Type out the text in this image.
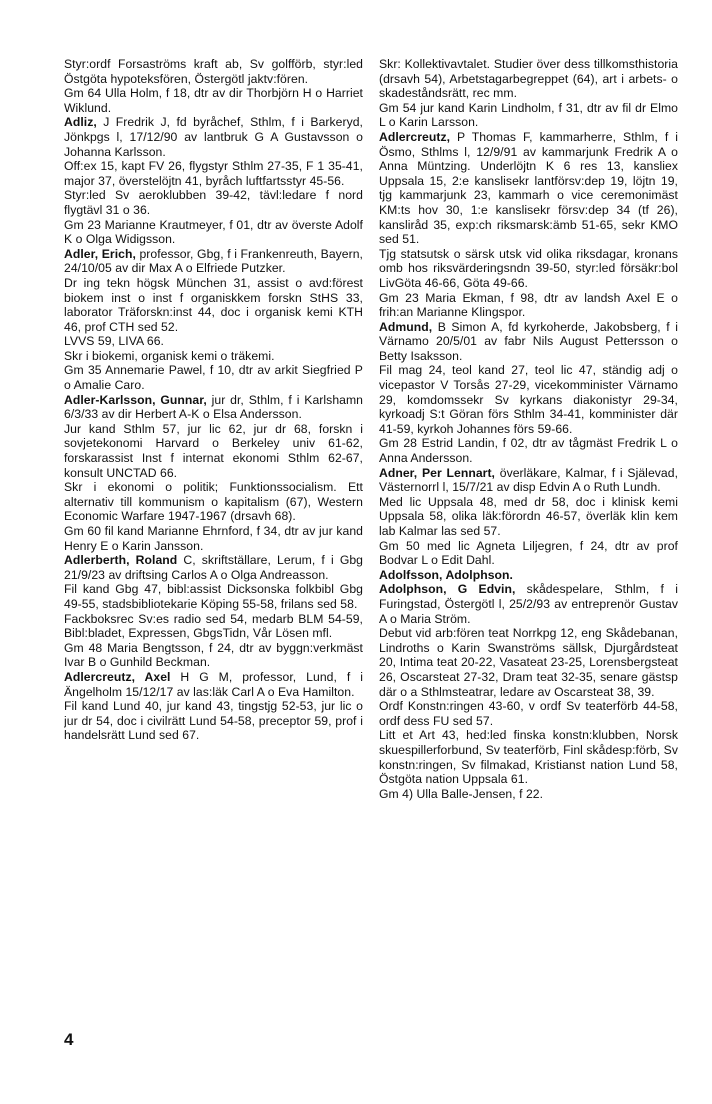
Styr:ordf Forsaströms kraft ab, Sv golfförb, styr:led Östgöta hypoteksfören, Östergötl jaktv:fören.

Gm 64 Ulla Holm, f 18, dtr av dir Thorbjörn H o Harriet Wiklund.

Adliz, J Fredrik J, fd byråchef, Sthlm, f i Barkeryd, Jönkpgs l, 17/12/90 av lantbruk G A Gustavsson o Johanna Karlsson.

Off:ex 15, kapt FV 26, flygstyr Sthlm 27-35, F 1 35-41, major 37, överstelöjtn 41, byråch luftfartsstyr 45-56.

Styr:led Sv aeroklubben 39-42, tävl:ledare f nord flygtävl 31 o 36.

Gm 23 Marianne Krautmeyer, f 01, dtr av överste Adolf K o Olga Widigsson.

Adler, Erich, professor, Gbg, f i Frankenreuth, Bayern, 24/10/05 av dir Max A o Elfriede Putzker.

Dr ing tekn högsk München 31, assist o avd:förest biokem inst o inst f organiskkem forskn StHS 33, laborator Träforskn:inst 44, doc i organisk kemi KTH 46, prof CTH sed 52.

LVVS 59, LIVA 66.

Skr i biokemi, organisk kemi o träkemi.

Gm 35 Annemarie Pawel, f 10, dtr av arkit Siegfried P o Amalie Caro.

Adler-Karlsson, Gunnar, jur dr, Sthlm, f i Karlshamn 6/3/33 av dir Herbert A-K o Elsa Andersson.

Jur kand Sthlm 57, jur lic 62, jur dr 68, forskn i sovjetekonomi Harvard o Berkeley univ 61-62, forskarassist Inst f internat ekonomi Sthlm 62-67, konsult UNCTAD 66.

Skr i ekonomi o politik; Funktionssocialism. Ett alternativ till kommunism o kapitalism (67), Western Economic Warfare 1947-1967 (drsavh 68).

Gm 60 fil kand Marianne Ehrnford, f 34, dtr av jur kand Henry E o Karin Jansson.

Adlerberth, Roland C, skriftställare, Lerum, f i Gbg 21/9/23 av driftsing Carlos A o Olga Andreasson.

Fil kand Gbg 47, bibl:assist Dicksonska folkbibl Gbg 49-55, stadsbibliotekarie Köping 55-58, frilans sed 58.

Fackboksrec Sv:es radio sed 54, medarb BLM 54-59, Bibl:bladet, Expressen, GbgsTidn, Vår Lösen mfl.

Gm 48 Maria Bengtsson, f 24, dtr av byggn:verkmäst Ivar B o Gunhild Beckman.

Adlercreutz, Axel H G M, professor, Lund, f i Ängelholm 15/12/17 av las:läk Carl A o Eva Hamilton.

Fil kand Lund 40, jur kand 43, tingstjg 52-53, jur lic o jur dr 54, doc i civilrätt Lund 54-58, preceptor 59, prof i handelsrätt Lund sed 67.

Skr: Kollektivavtalet. Studier över dess tillkomsthistoria (drsavh 54), Arbetstagarbegreppet (64), art i arbets- o skadeståndsrätt, rec mm.

Gm 54 jur kand Karin Lindholm, f 31, dtr av fil dr Elmo L o Karin Larsson.

Adlercreutz, P Thomas F, kammarherre, Sthlm, f i Ösmo, Sthlms l, 12/9/91 av kammarjunk Fredrik A o Anna Müntzing. Underlöjtn K 6 res 13, kansliex Uppsala 15, 2:e kanslisekr lantförsv:dep 19, löjtn 19, tjg kammarjunk 23, kammarh o vice ceremonimäst KM:ts hov 30, 1:e kanslisekr försv:dep 34 (tf 26), kansliråd 35, exp:ch riksmarsk:ämb 51-65, sekr KMO sed 51.

Tjg statsutsk o särsk utsk vid olika riksdagar, kronans omb hos riksvärderingsndn 39-50, styr:led försäkr:bol LivGöta 46-66, Göta 49-66.

Gm 23 Maria Ekman, f 98, dtr av landsh Axel E o frih:an Marianne Klingspor.

Admund, B Simon A, fd kyrkoherde, Jakobsberg, f i Värnamo 20/5/01 av fabr Nils August Pettersson o Betty Isaksson.

Fil mag 24, teol kand 27, teol lic 47, ständig adj o vicepastor V Torsås 27-29, vicekomminister Värnamo 29, komdomssekr Sv kyrkans diakonistyr 29-34, kyrkoadj S:t Göran förs Sthlm 34-41, komminister där 41-59, kyrkoh Johannes förs 59-66.

Gm 28 Estrid Landin, f 02, dtr av tågmäst Fredrik L o Anna Andersson.

Adner, Per Lennart, överläkare, Kalmar, f i Själevad, Västernorrl l, 15/7/21 av disp Edvin A o Ruth Lundh.

Med lic Uppsala 48, med dr 58, doc i klinisk kemi Uppsala 58, olika läk:förordn 46-57, överläk klin kem lab Kalmar las sed 57.

Gm 50 med lic Agneta Liljegren, f 24, dtr av prof Bodvar L o Edit Dahl.

Adolfsson, Adolphson.

Adolphson, G Edvin, skådespelare, Sthlm, f i Furingstad, Östergötl l, 25/2/93 av entreprenör Gustav A o Maria Ström.

Debut vid arb:fören teat Norrkpg 12, eng Skådebanan, Lindroths o Karin Swanströms sällsk, Djurgårdsteat 20, Intima teat 20-22, Vasateat 23-25, Lorensbergsteat 26, Oscarsteat 27-32, Dram teat 32-35, senare gästsp där o a Sthlmsteatrar, ledare av Oscarsteat 38, 39.

Ordf Konstn:ringen 43-60, v ordf Sv teaterförb 44-58, ordf dess FU sed 57.

Litt et Art 43, hed:led finska konstn:klubben, Norsk skuespillerforbund, Sv teaterförb, Finl skådesp:förb, Sv konstn:ringen, Sv filmakad, Kristianst nation Lund 58, Östgöta nation Uppsala 61.

Gm 4) Ulla Balle-Jensen, f 22.

4
